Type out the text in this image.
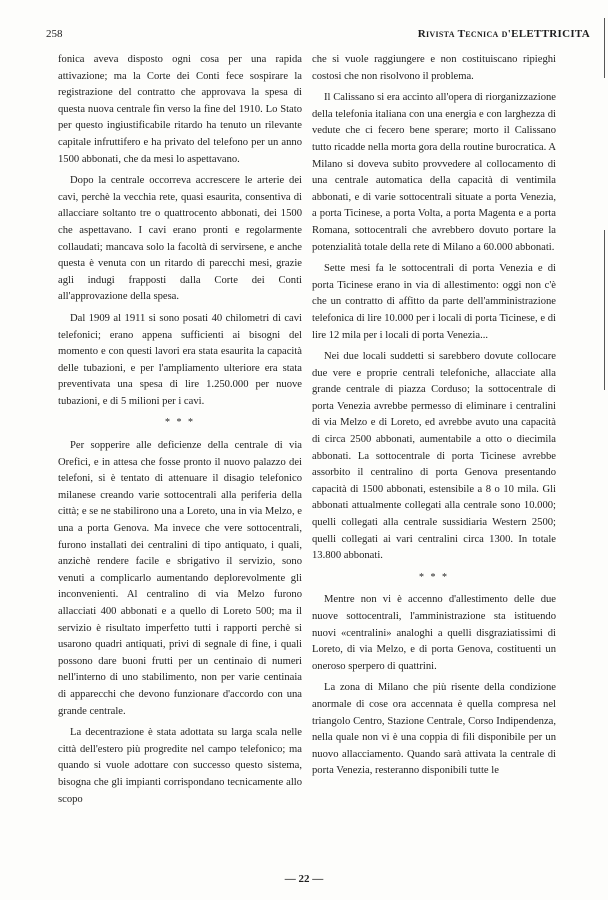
258	Rivista Tecnica d'ELETTRICITA

fonica aveva disposto ogni cosa per una rapida attivazione; ma la Corte dei Conti fece sospirare la registrazione del contratto che approvava la spesa di questa nuova centrale fin verso la fine del 1910. Lo Stato per questo ingiustificabile ritardo ha tenuto un rilevante capitale infruttifero e ha privato del telefono per un anno 1500 abbonati, che da mesi lo aspettavano.

Dopo la centrale occorreva accrescere le arterie dei cavi, perchè la vecchia rete, quasi esaurita, consentiva di allacciare soltanto tre o quattrocento abbonati, dei 1500 che aspettavano. I cavi erano pronti e regolarmente collaudati; mancava solo la facoltà di servirsene, e anche questa è venuta con un ritardo di parecchi mesi, grazie agli indugi frapposti dalla Corte dei Conti all'approvazione della spesa.

Dal 1909 al 1911 si sono posati 40 chilometri di cavi telefonici; erano appena sufficienti ai bisogni del momento e con questi lavori era stata esaurita la capacità delle tubazioni, e per l'ampliamento ulteriore era stata preventivata una spesa di lire 1.250.000 per nuove tubazioni, e di 5 milioni per i cavi.

* * *

Per sopperire alle deficienze della centrale di via Orefici, e in attesa che fosse pronto il nuovo palazzo dei telefoni, si è tentato di attenuare il disagio telefonico milanese creando varie sottocentrali alla periferia della città; e se ne stabilirono una a Loreto, una in via Melzo, e una a porta Genova. Ma invece che vere sottocentrali, furono installati dei centralini di tipo antiquato, i quali, anzichè rendere facile e sbrigativo il servizio, sono venuti a complicarlo aumentando deplorevolmente gli inconvenienti. Al centralino di via Melzo furono allacciati 400 abbonati e a quello di Loreto 500; ma il servizio è risultato imperfetto tutti i rapporti perchè si usarono quadri antiquati, privi di segnale di fine, i quali possono dare buoni frutti per un centinaio di numeri nell'interno di uno stabilimento, non per varie centinaia di apparecchi che devono funzionare d'accordo con una grande centrale.

La decentrazione è stata adottata su larga scala nelle città dell'estero più progredite nel campo telefonico; ma quando si vuole adottare con successo questo sistema, bisogna che gli impianti corrispondano tecnicamente allo scopo

che si vuole raggiungere e non costituiscano ripieghi costosi che non risolvono il problema.

Il Calissano si era accinto all'opera di riorganizzazione della telefonia italiana con una energia e con larghezza di vedute che ci fecero bene sperare; morto il Calissano tutto ricadde nella morta gora della routine burocratica. A Milano si doveva subito provvedere al collocamento di una centrale automatica della capacità di ventimila abbonati, e di varie sottocentrali situate a porta Venezia, a porta Ticinese, a porta Volta, a porta Magenta e a porta Romana, sottocentrali che avrebbero dovuto portare la potenzialità totale della rete di Milano a 60.000 abbonati.

Sette mesi fa le sottocentrali di porta Venezia e di porta Ticinese erano in via di allestimento: oggi non c'è che un contratto di affitto da parte dell'amministrazione telefonica di lire 10.000 per i locali di porta Ticinese, e di lire 12 mila per i locali di porta Venezia...

Nei due locali suddetti si sarebbero dovute collocare due vere e proprie centrali telefoniche, allacciate alla grande centrale di piazza Corduso; la sottocentrale di porta Venezia avrebbe permesso di eliminare i centralini di via Melzo e di Loreto, ed avrebbe avuto una capacità di circa 2500 abbonati, aumentabile a otto o diecimila abbonati. La sottocentrale di porta Ticinese avrebbe assorbito il centralino di porta Genova presentando capacità di 1500 abbonati, estensibile a 8 o 10 mila. Gli abbonati attualmente collegati alla centrale sono 10.000; quelli collegati alla centrale sussidiaria Western 2500; quelli collegati ai vari centralini circa 1300. In totale 13.800 abbonati.

* * *

Mentre non vi è accenno d'allestimento delle due nuove sottocentrali, l'amministrazione sta istituendo nuovi «centralini» analoghi a quelli disgraziatissimi di Loreto, di via Melzo, e di porta Genova, costituenti un oneroso sperpero di quattrini.

La zona di Milano che più risente della condizione anormale di cose ora accennata è quella compresa nel triangolo Centro, Stazione Centrale, Corso Indipendenza, nella quale non vi è una coppia di fili disponibile per un nuovo allacciamento. Quando sarà attivata la centrale di porta Venezia, resteranno disponibili tutte le

— 22 —
